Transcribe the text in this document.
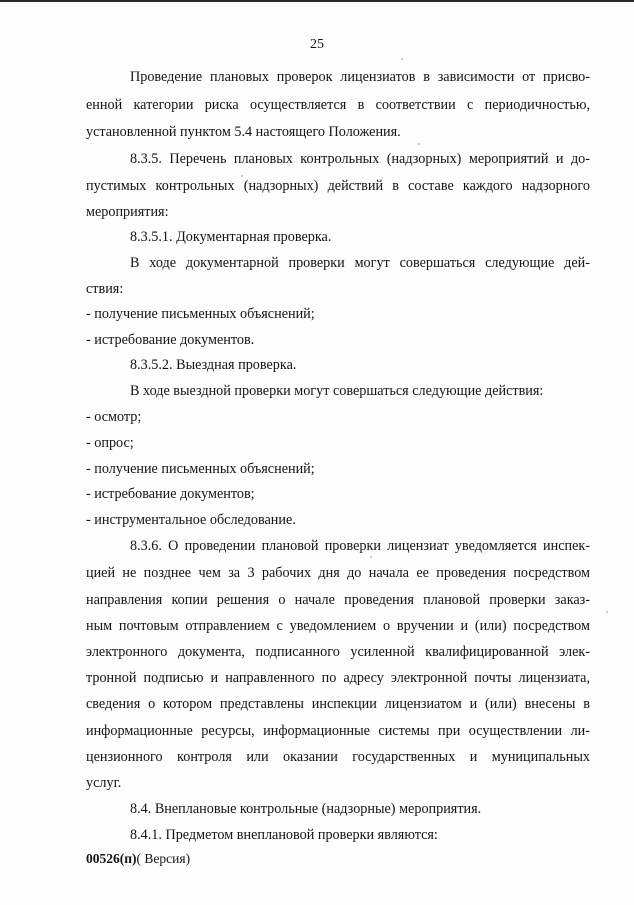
25
Проведение плановых проверок лицензиатов в зависимости от присво-
енной категории риска осуществляется в соответствии с периодичностью,
установленной пунктом 5.4 настоящего Положения.
8.3.5. Перечень плановых контрольных (надзорных) мероприятий и до-
пустимых контрольных (надзорных) действий в составе каждого надзорного
мероприятия:
8.3.5.1. Документарная проверка.
В ходе документарной проверки могут совершаться следующие дей-
ствия:
- получение письменных объяснений;
- истребование документов.
8.3.5.2. Выездная проверка.
В ходе выездной проверки могут совершаться следующие действия:
- осмотр;
- опрос;
- получение письменных объяснений;
- истребование документов;
- инструментальное обследование.
8.3.6. О проведении плановой проверки лицензиат уведомляется инспек-
цией не позднее чем за 3 рабочих дня до начала ее проведения посредством
направления копии решения о начале проведения плановой проверки заказ-
ным почтовым отправлением с уведомлением о вручении и (или) посредством
электронного документа, подписанного усиленной квалифицированной элек-
тронной подписью и направленного по адресу электронной почты лицензиата,
сведения о котором представлены инспекции лицензиатом и (или) внесены в
информационные ресурсы, информационные системы при осуществлении ли-
цензионного контроля или оказании государственных и муниципальных
услуг.
8.4. Внеплановые контрольные (надзорные) мероприятия.
8.4.1. Предметом внеплановой проверки являются:
00526(п)( Версия)
